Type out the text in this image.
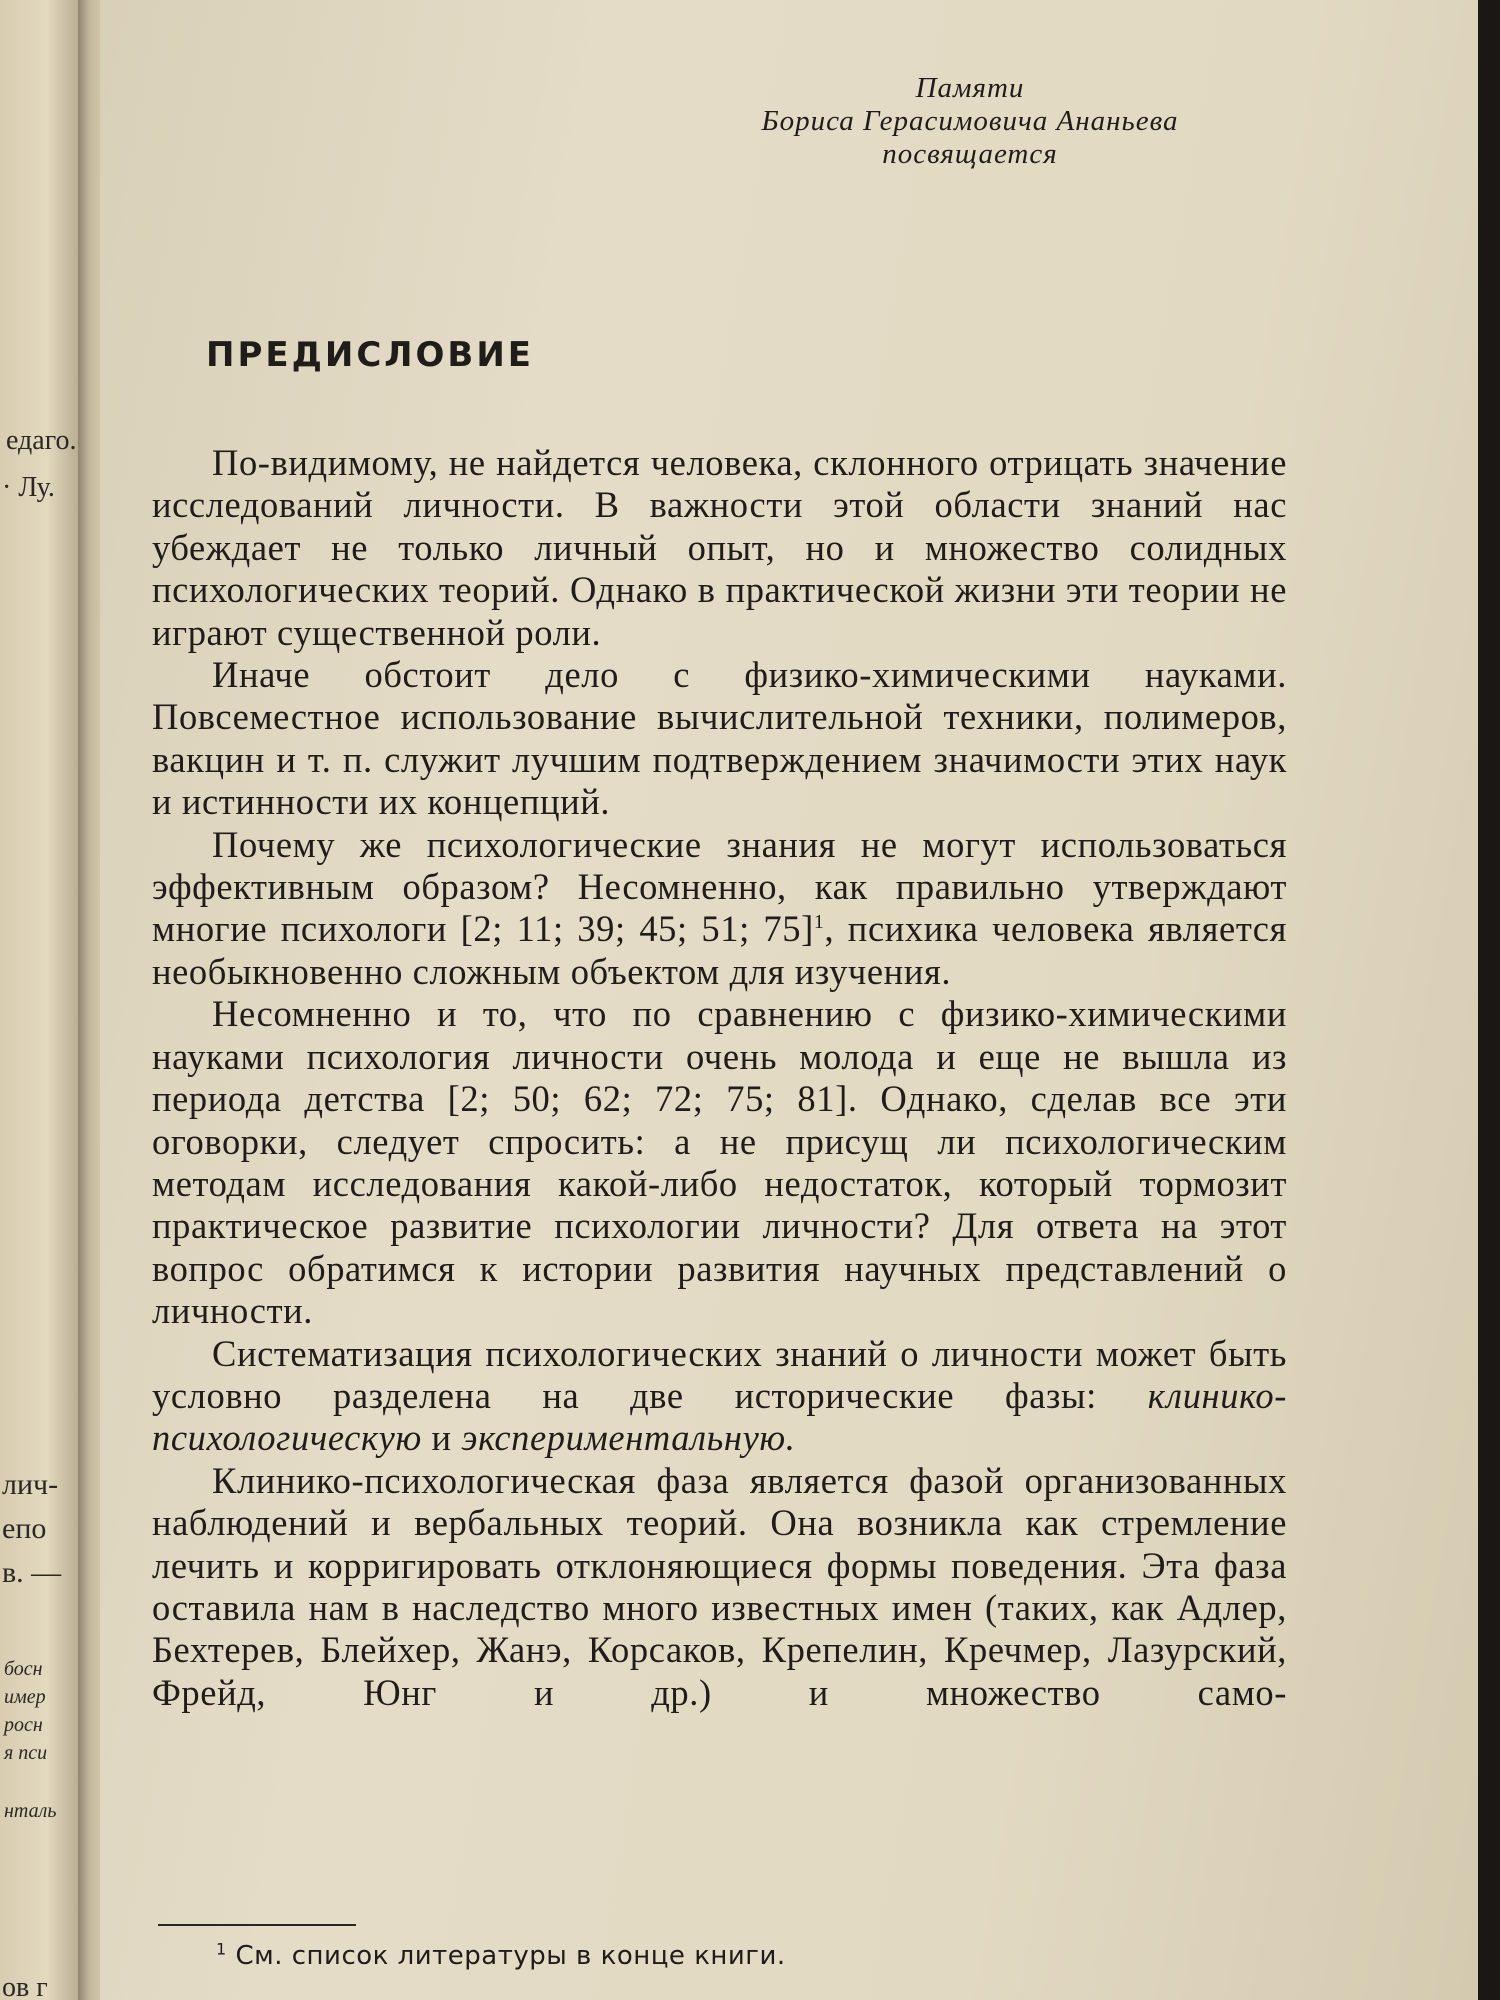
едаго.
· Лу.
лич-
епо
в. —
босн
имер
росн
я пси
нталь
ов г
Памяти
Бориса Герасимовича Ананьева
посвящается
ПРЕДИСЛОВИЕ

По-видимому, не найдется человека, склонного отрицать значение исследований личности. В важности этой области знаний нас убеждает не только личный опыт, но и множество солидных психологических теорий. Однако в практической жизни эти теории не играют существенной роли.

Иначе обстоит дело с физико-химическими науками. Повсеместное использование вычислительной техники, полимеров, вакцин и т. п. служит лучшим подтверждением значимости этих наук и истинности их концепций.

Почему же психологические знания не могут использоваться эффективным образом? Несомненно, как правильно утверждают многие психологи [2; 11; 39; 45; 51; 75]$^1$, психика человека является необыкновенно сложным объектом для изучения.

Несомненно и то, что по сравнению с физико-химическими науками психология личности очень молода и еще не вышла из периода детства [2; 50; 62; 72; 75; 81]. Однако, сделав все эти оговорки, следует спросить: а не присущ ли психологическим методам исследования какой-либо недостаток, который тормозит практическое развитие психологии личности? Для ответа на этот вопрос обратимся к истории развития научных представлений о личности.

Систематизация психологических знаний о личности может быть условно разделена на две исторические фазы: клинико-психологическую и экспериментальную.

Клинико-психологическая фаза является фазой организованных наблюдений и вербальных теорий. Она возникла как стремление лечить и корригировать отклоняющиеся формы поведения. Эта фаза оставила нам в наследство много известных имен (таких, как Адлер, Бехтерев, Блейхер, Жанэ, Корсаков, Крепелин, Кречмер, Лазурский, Фрейд, Юнг и др.) и множество само-

$^1$ См. список литературы в конце книги.
